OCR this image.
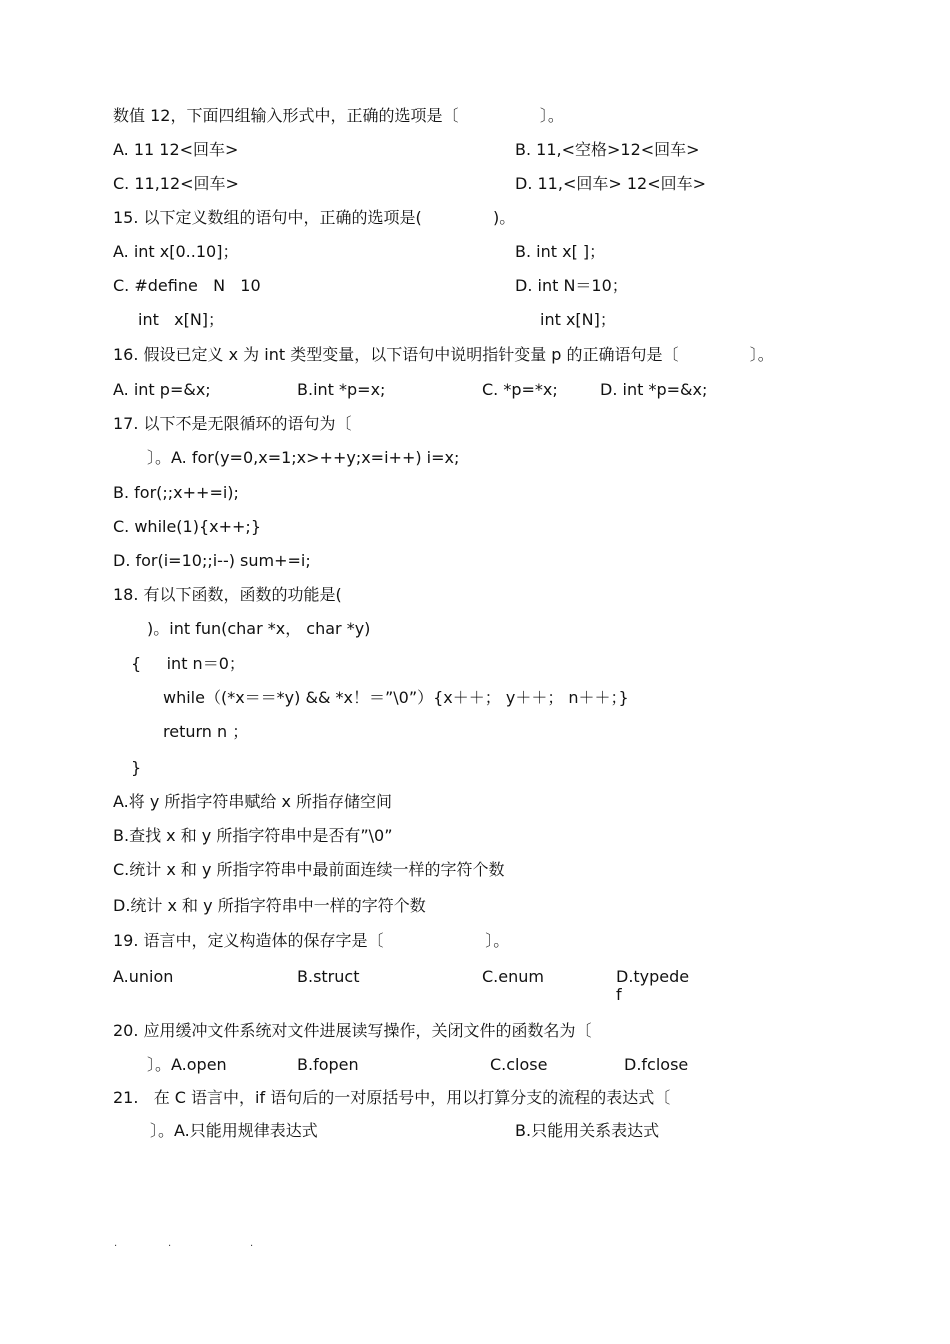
数值 12，下面四组输入形式中，正确的选项是〔                〕。
A. 11 12<回车>	B. 11,<空格>12<回车>
C. 11,12<回车>	D. 11,<回车> 12<回车>
15. 以下定义数组的语句中，正确的选项是(              )。
A. int x[0..10]；	B. int x[ ]；
C. #define   N   10	D. int N＝10；
int   x[N]；	int x[N]；
16. 假设已定义 x 为 int 类型变量，以下语句中说明指针变量 p 的正确语句是〔              〕。
A. int p=&x;	B.int *p=x;	C. *p=*x;	D. int *p=&x;
17. 以下不是无限循环的语句为〔
〕。A. for(y=0,x=1;x>++y;x=i++) i=x;
B. for(;;x++=i);
C. while(1){x++;}
D. for(i=10;;i--) sum+=i;
18. 有以下函数，函数的功能是(
)。int fun(char *x， char *y)
{     int n＝0；
while（(*x＝＝*y) && *x！＝”\0”）{x＋＋； y＋＋； n＋＋；}
return n ；
}
A.将 y 所指字符串赋给 x 所指存储空间
B.查找 x 和 y 所指字符串中是否有”\0”
C.统计 x 和 y 所指字符串中最前面连续一样的字符个数
D.统计 x 和 y 所指字符串中一样的字符个数
19. 语言中，定义构造体的保存字是〔                    〕。
A.union	B.struct	C.enum	D.typede
f
20. 应用缓冲文件系统对文件进展读写操作，关闭文件的函数名为〔
〕。A.open	B.fopen	C.close	D.fclose
21.   在 C 语言中，if 语句后的一对原括号中，用以打算分支的流程的表达式〔
〕。A.只能用规律表达式	B.只能用关系表达式
.	.	.
